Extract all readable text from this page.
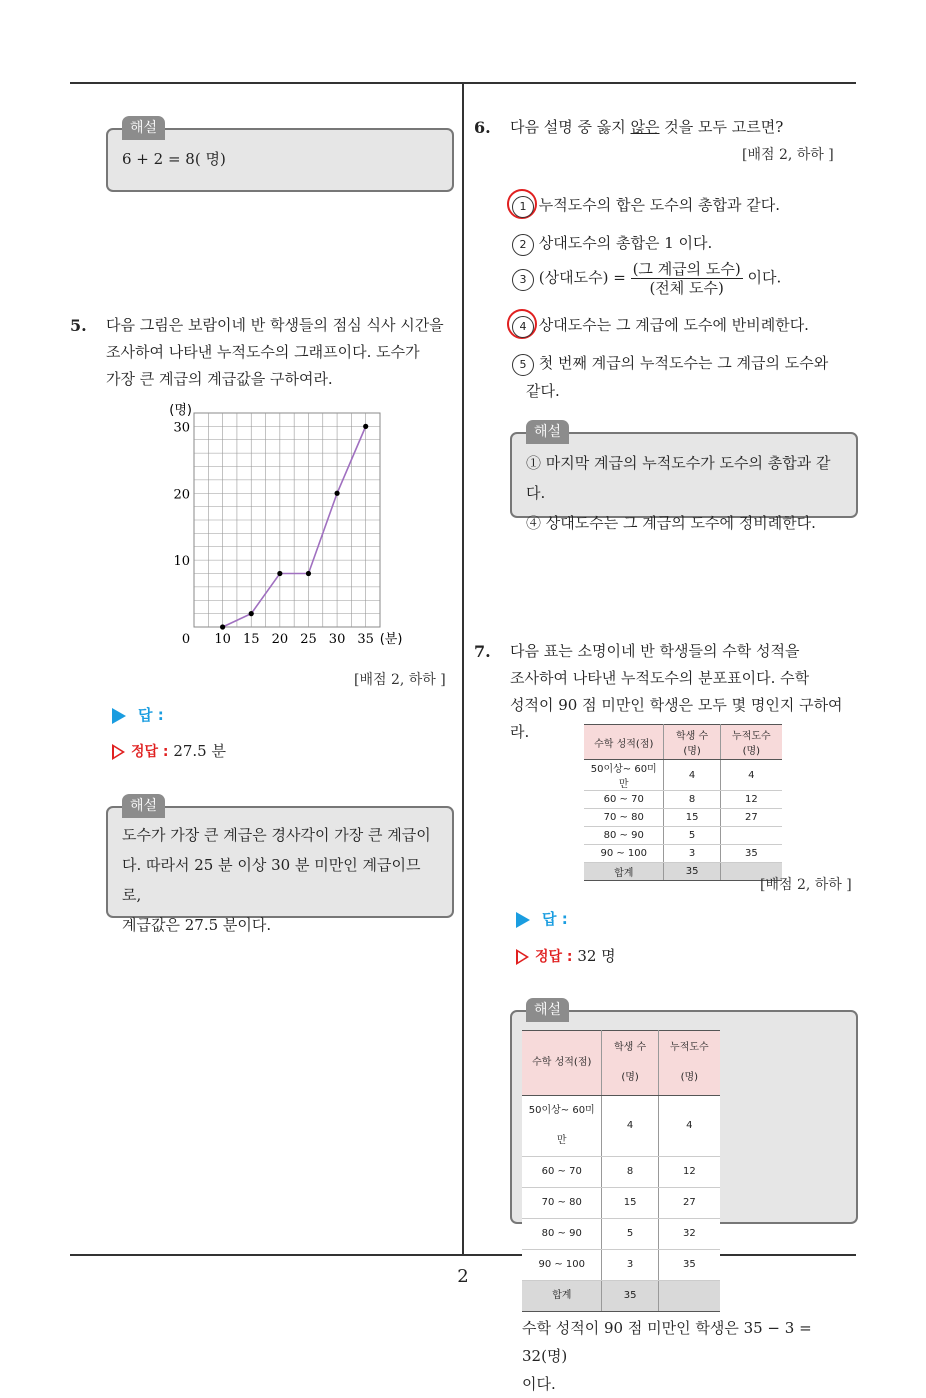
2
해설
6 + 2 = 8( 명)
5. 다음 그림은 보람이네 반 학생들의 점심 식사 시간을
조사하여 나타낸 누적도수의 그래프이다. 도수가
가장 큰 계급의 계급값을 구하여라.
10
20
30
(명)
0 10 15 20 25 30 35 (분)
[배점 2, 하하 ]
답 :
정답 : 27.5 분
해설
도수가 가장 큰 계급은 경사각이 가장 큰 계급이
다. 따라서 25 분 이상 30 분 미만인 계급이므로,
계급값은 27.5 분이다.
6. 다음 설명 중 옳지 않은 것을 모두 고르면?
[배점 2, 하하 ]
1 누적도수의 합은 도수의 총합과 같다.
2 상대도수의 총합은 1 이다.
3 (상대도수) = $\frac{\text{(그 계급의 도수)}}{\text{(전체 도수)}}$ 이다.
4 상대도수는 그 계급에 도수에 반비례한다.
5 첫 번째 계급의 누적도수는 그 계급의 도수와
같다.
해설
① 마지막 계급의 누적도수가 도수의 총합과 같다.
④ 상대도수는 그 계급의 도수에 정비례한다.
7. 다음 표는 소명이네 반 학생들의 수학 성적을
조사하여 나타낸 누적도수의 분포표이다. 수학
성적이 90 점 미만인 학생은 모두 몇 명인지 구하여라.
수학 성적(점)	학생 수(명)	누적도수(명)
50이상~ 60미만	4	4
60 ~ 70	8	12
70 ~ 80	15	27
80 ~ 90	5	
90 ~ 100	3	35
합계	35	
[배점 2, 하하 ]
답 :
정답 : 32 명
해설
수학 성적(점)	학생 수(명)	누적도수(명)
50이상~ 60미만	4	4
60 ~ 70	8	12
70 ~ 80	15	27
80 ~ 90	5	32
90 ~ 100	3	35
합계	35	
수학 성적이 90 점 미만인 학생은 35 − 3 = 32(명)
이다.
